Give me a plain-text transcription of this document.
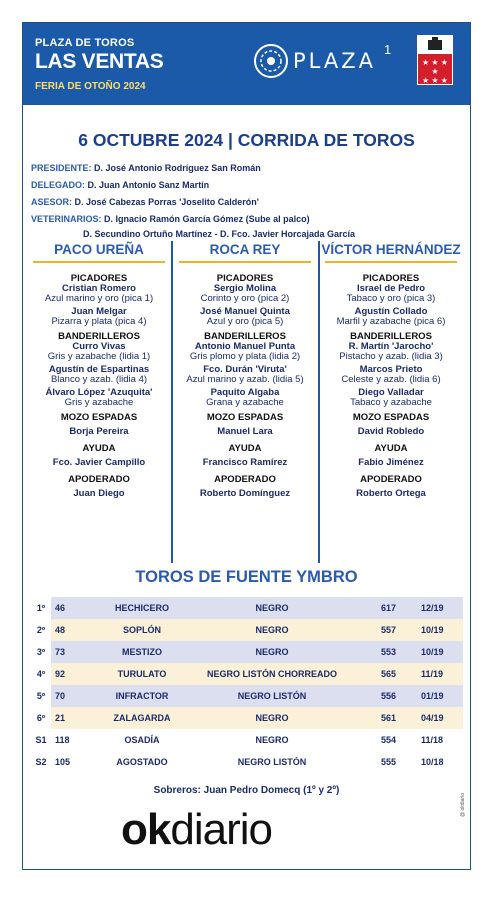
PLAZA DE TOROS
LAS VENTAS
FERIA DE OTOÑO 2024
PLAZA 1
★ ★ ★ ★
★ ★ ★
6 OCTUBRE 2024 | CORRIDA DE TOROS
PRESIDENTE: D. José Antonio Rodríguez San Román
DELEGADO: D. Juan Antonio Sanz Martín
ASESOR: D. José Cabezas Porras 'Joselito Calderón'
VETERINARIOS: D. Ignacio Ramón García Gómez (Sube al palco)
D. Secundino Ortuño Martínez - D. Fco. Javier Horcajada García
PACO UREÑA
PICADORES
Cristian Romero
Azul marino y oro (pica 1)
Juan Melgar
Pizarra y plata (pica 4)
BANDERILLEROS
Curro Vivas
Gris y azabache (lidia 1)
Agustín de Espartinas
Blanco y azab. (lidia 4)
Álvaro López 'Azuquita'
Gris y azabache
MOZO ESPADAS
Borja Pereira
AYUDA
Fco. Javier Campillo
APODERADO
Juan Diego
ROCA REY
PICADORES
Sergio Molina
Corinto y oro (pica 2)
José Manuel Quinta
Azul y oro (pica 5)
BANDERILLEROS
Antonio Manuel Punta
Gris plomo y plata (lidia 2)
Fco. Durán 'Viruta'
Azul marino y azab. (lidia 5)
Paquito Algaba
Grana y azabache
MOZO ESPADAS
Manuel Lara
AYUDA
Francisco Ramírez
APODERADO
Roberto Domínguez
VÍCTOR HERNÁNDEZ
PICADORES
Israel de Pedro
Tabaco y oro (pica 3)
Agustín Collado
Marfil y azabache (pica 6)
BANDERILLEROS
R. Martín 'Jarocho'
Pistacho y azab. (lidia 3)
Marcos Prieto
Celeste y azab. (lidia 6)
Diego Valladar
Tabaco y azabache
MOZO ESPADAS
David Robledo
AYUDA
Fabio Jiménez
APODERADO
Roberto Ortega
TOROS DE FUENTE YMBRO
1º	46	HECHICERO	NEGRO	617	12/19
2º	48	SOPLÓN	NEGRO	557	10/19
3º	73	MESTIZO	NEGRO	553	10/19
4º	92	TURULATO	NEGRO LISTÓN CHORREADO	565	11/19
5º	70	INFRACTOR	NEGRO LISTÓN	556	01/19
6º	21	ZALAGARDA	NEGRO	561	04/19
S1 118	OSADÍA	NEGRO	554	11/18
S2 105	AGOSTADO	NEGRO LISTÓN	555	10/18
Sobreros: Juan Pedro Domecq (1º y 2º)
okdiario
@ okdiario
